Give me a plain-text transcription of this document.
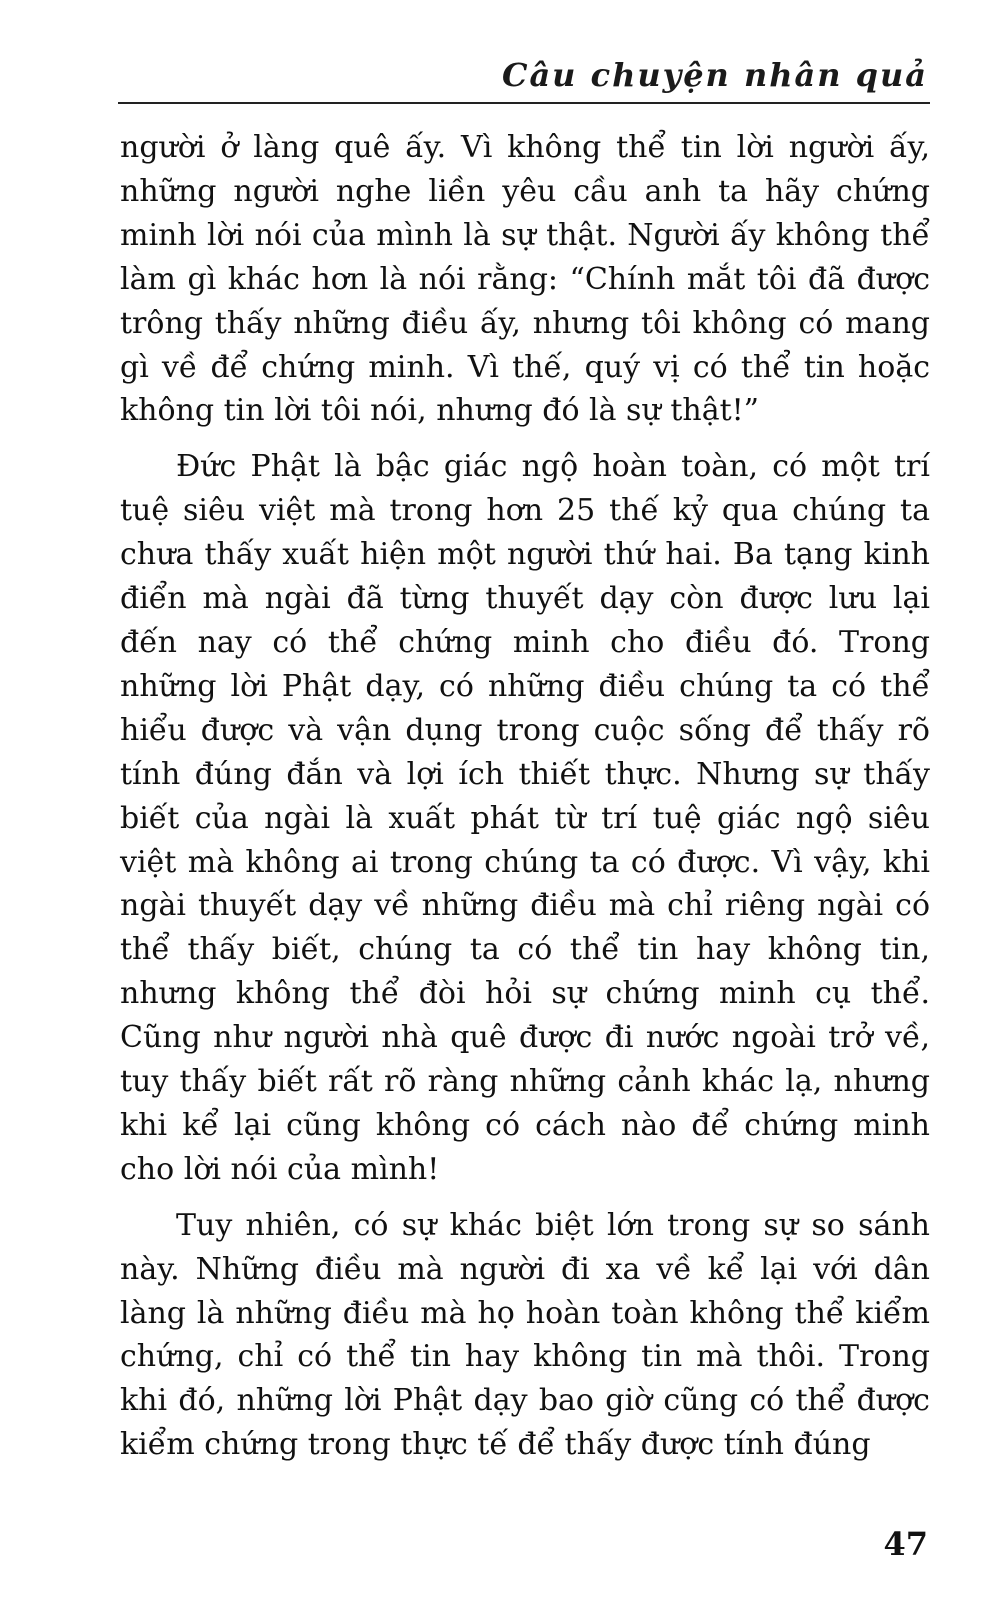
Câu chuyện nhân quả

người ở làng quê ấy. Vì không thể tin lời người ấy, những người nghe liền yêu cầu anh ta hãy chứng minh lời nói của mình là sự thật. Người ấy không thể làm gì khác hơn là nói rằng: “Chính mắt tôi đã được trông thấy những điều ấy, nhưng tôi không có mang gì về để chứng minh. Vì thế, quý vị có thể tin hoặc không tin lời tôi nói, nhưng đó là sự thật!”

Đức Phật là bậc giác ngộ hoàn toàn, có một trí tuệ siêu việt mà trong hơn 25 thế kỷ qua chúng ta chưa thấy xuất hiện một người thứ hai. Ba tạng kinh điển mà ngài đã từng thuyết dạy còn được lưu lại đến nay có thể chứng minh cho điều đó. Trong những lời Phật dạy, có những điều chúng ta có thể hiểu được và vận dụng trong cuộc sống để thấy rõ tính đúng đắn và lợi ích thiết thực. Nhưng sự thấy biết của ngài là xuất phát từ trí tuệ giác ngộ siêu việt mà không ai trong chúng ta có được. Vì vậy, khi ngài thuyết dạy về những điều mà chỉ riêng ngài có thể thấy biết, chúng ta có thể tin hay không tin, nhưng không thể đòi hỏi sự chứng minh cụ thể. Cũng như người nhà quê được đi nước ngoài trở về, tuy thấy biết rất rõ ràng những cảnh khác lạ, nhưng khi kể lại cũng không có cách nào để chứng minh cho lời nói của mình!

Tuy nhiên, có sự khác biệt lớn trong sự so sánh này. Những điều mà người đi xa về kể lại với dân làng là những điều mà họ hoàn toàn không thể kiểm chứng, chỉ có thể tin hay không tin mà thôi. Trong khi đó, những lời Phật dạy bao giờ cũng có thể được kiểm chứng trong thực tế để thấy được tính đúng

47
